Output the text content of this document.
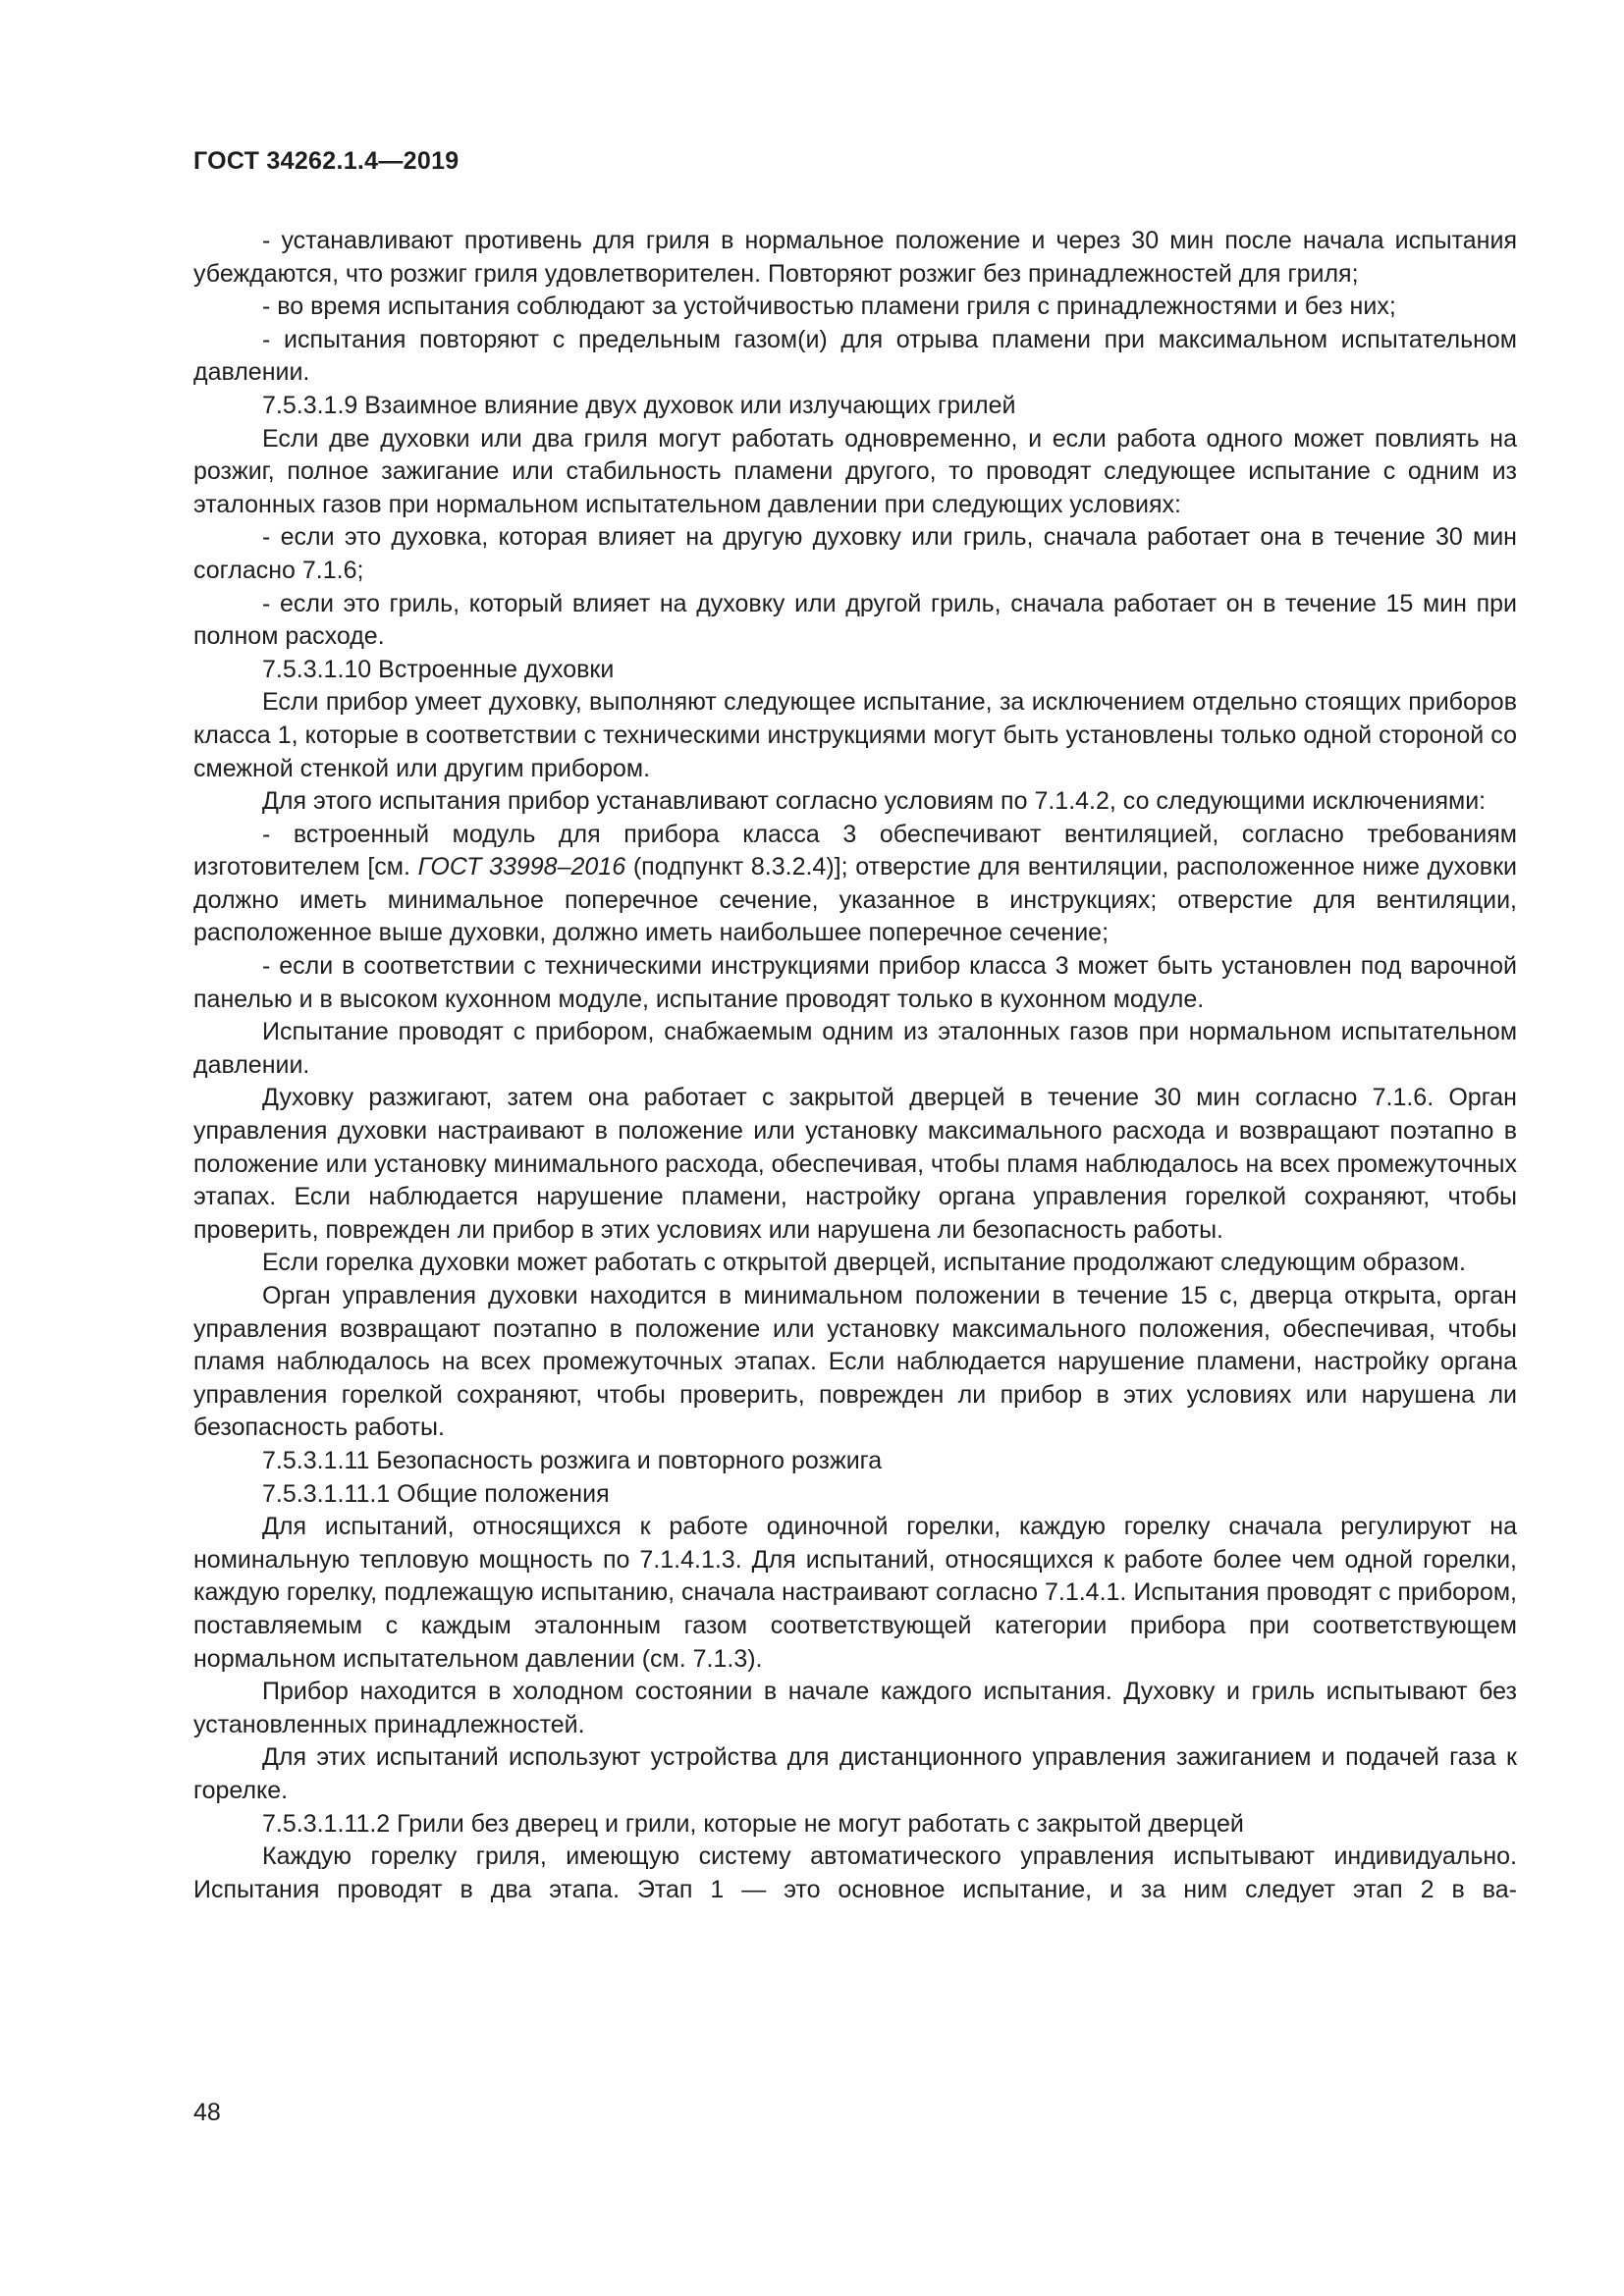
ГОСТ 34262.1.4—2019

- устанавливают противень для гриля в нормальное положение и через 30 мин после начала испытания убеждаются, что розжиг гриля удовлетворителен. Повторяют розжиг без принадлежностей для гриля;

- во время испытания соблюдают за устойчивостью пламени гриля с принадлежностями и без них;

- испытания повторяют с предельным газом(и) для отрыва пламени при максимальном испытательном давлении.

7.5.3.1.9 Взаимное влияние двух духовок или излучающих грилей

Если две духовки или два гриля могут работать одновременно, и если работа одного может повлиять на розжиг, полное зажигание или стабильность пламени другого, то проводят следующее испытание с одним из эталонных газов при нормальном испытательном давлении при следующих условиях:

- если это духовка, которая влияет на другую духовку или гриль, сначала работает она в течение 30 мин согласно 7.1.6;

- если это гриль, который влияет на духовку или другой гриль, сначала работает он в течение 15 мин при полном расходе.

7.5.3.1.10 Встроенные духовки

Если прибор умеет духовку, выполняют следующее испытание, за исключением отдельно стоящих приборов класса 1, которые в соответствии с техническими инструкциями могут быть установлены только одной стороной со смежной стенкой или другим прибором.

Для этого испытания прибор устанавливают согласно условиям по 7.1.4.2, со следующими исключениями:

- встроенный модуль для прибора класса 3 обеспечивают вентиляцией, согласно требованиям изготовителем [см. ГОСТ 33998–2016 (подпункт 8.3.2.4)]; отверстие для вентиляции, расположенное ниже духовки должно иметь минимальное поперечное сечение, указанное в инструкциях; отверстие для вентиляции, расположенное выше духовки, должно иметь наибольшее поперечное сечение;

- если в соответствии с техническими инструкциями прибор класса 3 может быть установлен под варочной панелью и в высоком кухонном модуле, испытание проводят только в кухонном модуле.

Испытание проводят с прибором, снабжаемым одним из эталонных газов при нормальном испытательном давлении.

Духовку разжигают, затем она работает с закрытой дверцей в течение 30 мин согласно 7.1.6. Орган управления духовки настраивают в положение или установку максимального расхода и возвращают поэтапно в положение или установку минимального расхода, обеспечивая, чтобы пламя наблюдалось на всех промежуточных этапах. Если наблюдается нарушение пламени, настройку органа управления горелкой сохраняют, чтобы проверить, поврежден ли прибор в этих условиях или нарушена ли безопасность работы.

Если горелка духовки может работать с открытой дверцей, испытание продолжают следующим образом.

Орган управления духовки находится в минимальном положении в течение 15 с, дверца открыта, орган управления возвращают поэтапно в положение или установку максимального положения, обеспечивая, чтобы пламя наблюдалось на всех промежуточных этапах. Если наблюдается нарушение пламени, настройку органа управления горелкой сохраняют, чтобы проверить, поврежден ли прибор в этих условиях или нарушена ли безопасность работы.

7.5.3.1.11 Безопасность розжига и повторного розжига

7.5.3.1.11.1 Общие положения

Для испытаний, относящихся к работе одиночной горелки, каждую горелку сначала регулируют на номинальную тепловую мощность по 7.1.4.1.3. Для испытаний, относящихся к работе более чем одной горелки, каждую горелку, подлежащую испытанию, сначала настраивают согласно 7.1.4.1. Испытания проводят с прибором, поставляемым с каждым эталонным газом соответствующей категории прибора при соответствующем нормальном испытательном давлении (см. 7.1.3).

Прибор находится в холодном состоянии в начале каждого испытания. Духовку и гриль испытывают без установленных принадлежностей.

Для этих испытаний используют устройства для дистанционного управления зажиганием и подачей газа к горелке.

7.5.3.1.11.2 Грили без дверец и грили, которые не могут работать с закрытой дверцей

Каждую горелку гриля, имеющую систему автоматического управления испытывают индивидуально. Испытания проводят в два этапа. Этап 1 — это основное испытание, и за ним следует этап 2 в ва-

48
